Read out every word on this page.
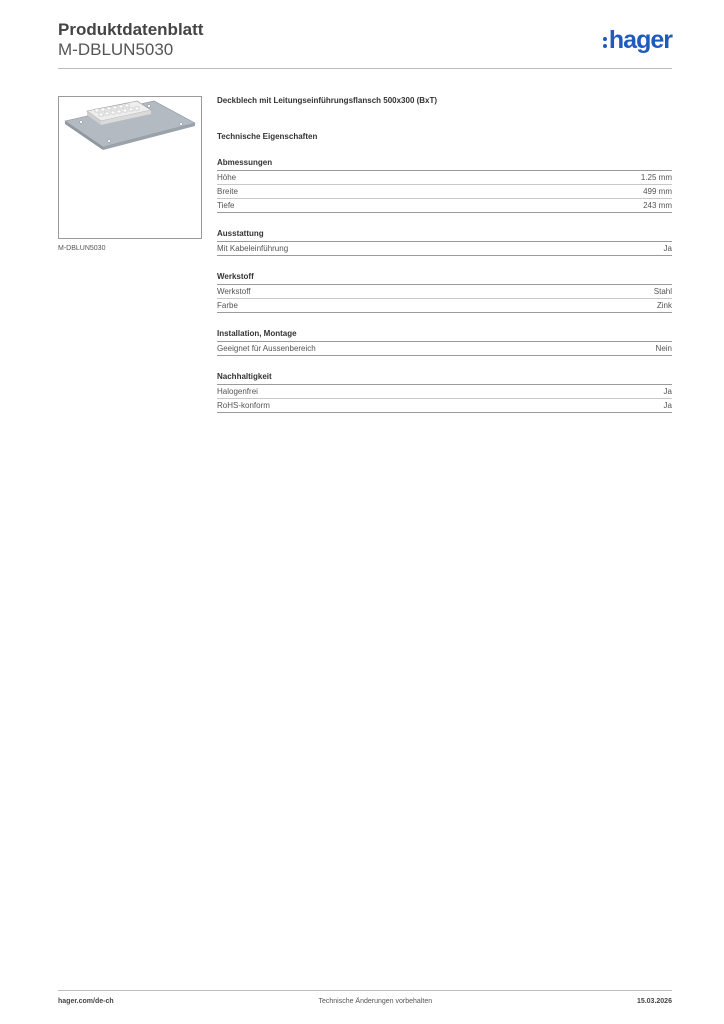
Produktdatenblatt
M-DBLUN5030	hager
M-DBLUN5030
Deckblech mit Leitungseinführungsflansch 500x300 (BxT)
Technische Eigenschaften
Abmessungen
Höhe	1.25 mm
Breite	499 mm
Tiefe	243 mm
Ausstattung
Mit Kabeleinführung	Ja
Werkstoff
Werkstoff	Stahl
Farbe	Zink
Installation, Montage
Geeignet für Aussenbereich	Nein
Nachhaltigkeit
Halogenfrei	Ja
RoHS-konform	Ja
hager.com/de-ch	Technische Änderungen vorbehalten	15.03.2026
